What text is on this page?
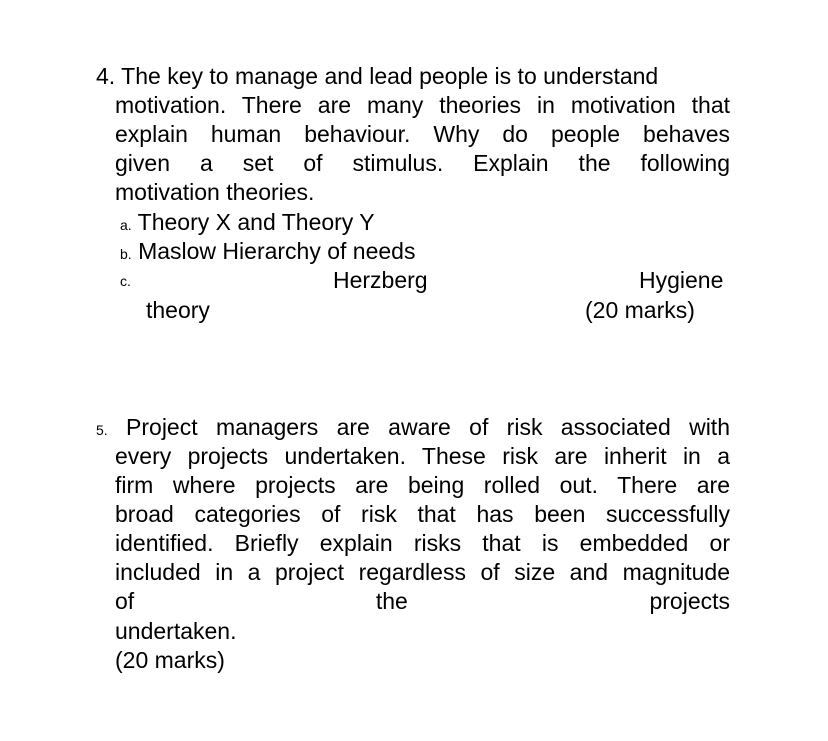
4. The key to manage and lead people is to understand
motivation. There are many theories in motivation that
explain human behaviour. Why do people behaves
given a set of stimulus. Explain the following
motivation theories.
a. Theory X and Theory Y
b. Maslow Hierarchy of needs
c.	Herzberg	Hygiene
theory	(20 marks)
5. Project managers are aware of risk associated with
every projects undertaken. These risk are inherit in a
firm where projects are being rolled out. There are
broad categories of risk that has been successfully
identified. Briefly explain risks that is embedded or
included in a project regardless of size and magnitude
of the projects
undertaken.
(20 marks)
